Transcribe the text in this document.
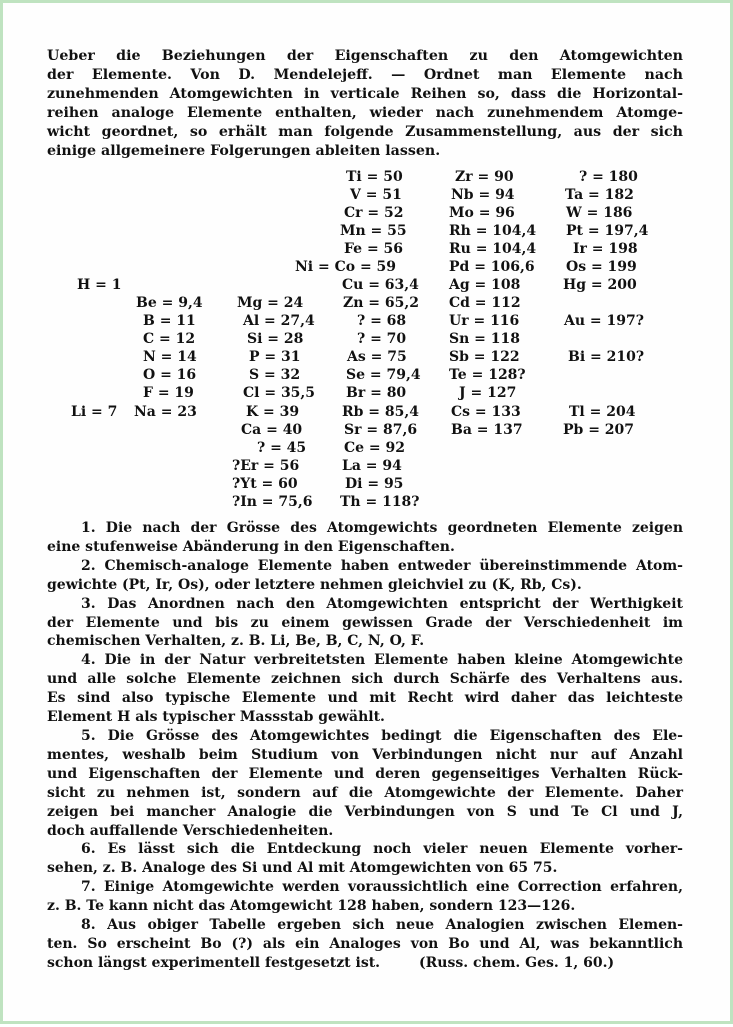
Ueber die Beziehungen der Eigenschaften zu den Atomgewichten
der Elemente. Von D. Mendelejeff. — Ordnet man Elemente nach
zunehmenden Atomgewichten in verticale Reihen so, dass die Horizontal-
reihen analoge Elemente enthalten, wieder nach zunehmendem Atomge-
wicht geordnet, so erhält man folgende Zusammenstellung, aus der sich
einige allgemeinere Folgerungen ableiten lassen.
H = 1
Li = 7
Be = 9,4
B = 11
C = 12
N = 14
O = 16
F = 19
Na = 23
Mg = 24
Al = 27,4
Si = 28
P = 31
S = 32
Cl = 35,5
K = 39
Ca = 40
? = 45
?Er = 56
?Yt = 60
?In = 75,6
Ti = 50
V = 51
Cr = 52
Mn = 55
Fe = 56
Ni = Co = 59
Cu = 63,4
Zn = 65,2
? = 68
? = 70
As = 75
Se = 79,4
Br = 80
Rb = 85,4
Sr = 87,6
Ce = 92
La = 94
Di = 95
Th = 118?
Zr = 90
Nb = 94
Mo = 96
Rh = 104,4
Ru = 104,4
Pd = 106,6
Ag = 108
Cd = 112
Ur = 116
Sn = 118
Sb = 122
Te = 128?
J = 127
Cs = 133
Ba = 137
? = 180
Ta = 182
W = 186
Pt = 197,4
Ir = 198
Os = 199
Hg = 200
Au = 197?
Bi = 210?
Tl = 204
Pb = 207
1. Die nach der Grösse des Atomgewichts geordneten Elemente zeigen
eine stufenweise Abänderung in den Eigenschaften.
2. Chemisch-analoge Elemente haben entweder übereinstimmende Atom-
gewichte (Pt, Ir, Os), oder letztere nehmen gleichviel zu (K, Rb, Cs).
3. Das Anordnen nach den Atomgewichten entspricht der Werthigkeit
der Elemente und bis zu einem gewissen Grade der Verschiedenheit im
chemischen Verhalten, z. B. Li, Be, B, C, N, O, F.
4. Die in der Natur verbreitetsten Elemente haben kleine Atomgewichte
und alle solche Elemente zeichnen sich durch Schärfe des Verhaltens aus.
Es sind also typische Elemente und mit Recht wird daher das leichteste
Element H als typischer Massstab gewählt.
5. Die Grösse des Atomgewichtes bedingt die Eigenschaften des Ele-
mentes, weshalb beim Studium von Verbindungen nicht nur auf Anzahl
und Eigenschaften der Elemente und deren gegenseitiges Verhalten Rück-
sicht zu nehmen ist, sondern auf die Atomgewichte der Elemente. Daher
zeigen bei mancher Analogie die Verbindungen von S und Te Cl und J,
doch auffallende Verschiedenheiten.
6. Es lässt sich die Entdeckung noch vieler neuen Elemente vorher-
sehen, z. B. Analoge des Si und Al mit Atomgewichten von 65 75.
7. Einige Atomgewichte werden voraussichtlich eine Correction erfahren,
z. B. Te kann nicht das Atomgewicht 128 haben, sondern 123—126.
8. Aus obiger Tabelle ergeben sich neue Analogien zwischen Elemen-
ten. So erscheint Bo (?) als ein Analoges von Bo und Al, was bekanntlich
schon längst experimentell festgesetzt ist.        (Russ. chem. Ges. 1, 60.)
